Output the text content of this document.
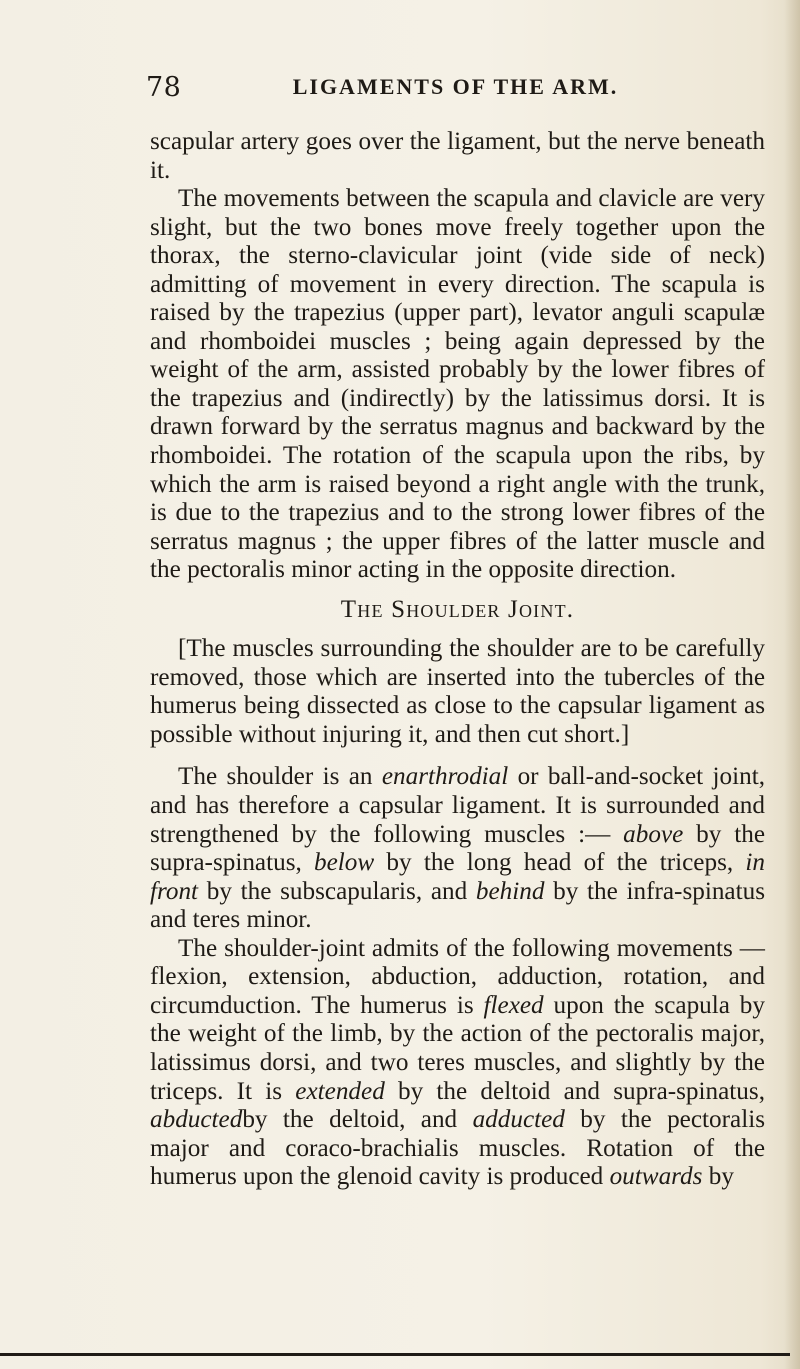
78	LIGAMENTS OF THE ARM.

scapular artery goes over the ligament, but the nerve beneath it.

The movements between the scapula and clavicle are very slight, but the two bones move freely together upon the thorax, the sterno-clavicular joint (vide side of neck) admitting of movement in every direction. The scapula is raised by the trapezius (upper part), levator anguli scapulæ and rhomboidei muscles ; being again depressed by the weight of the arm, assisted probably by the lower fibres of the trapezius and (indirectly) by the latissimus dorsi. It is drawn forward by the serratus magnus and backward by the rhomboidei. The rotation of the scapula upon the ribs, by which the arm is raised beyond a right angle with the trunk, is due to the trapezius and to the strong lower fibres of the serratus magnus ; the upper fibres of the latter muscle and the pectoralis minor acting in the opposite direction.

The Shoulder Joint.

[The muscles surrounding the shoulder are to be carefully removed, those which are inserted into the tubercles of the humerus being dissected as close to the capsular ligament as possible without injuring it, and then cut short.]

The shoulder is an enarthrodial or ball-and-socket joint, and has therefore a capsular ligament. It is surrounded and strengthened by the following muscles :— above by the supra-spinatus, below by the long head of the triceps, in front by the subscapularis, and behind by the infra-spinatus and teres minor.

The shoulder-joint admits of the following movements —flexion, extension, abduction, adduction, rotation, and circumduction. The humerus is flexed upon the scapula by the weight of the limb, by the action of the pectoralis major, latissimus dorsi, and two teres muscles, and slightly by the triceps. It is extended by the deltoid and supra-spinatus, abductedby the deltoid, and adducted by the pectoralis major and coraco-brachialis muscles. Rotation of the humerus upon the glenoid cavity is produced outwards by
